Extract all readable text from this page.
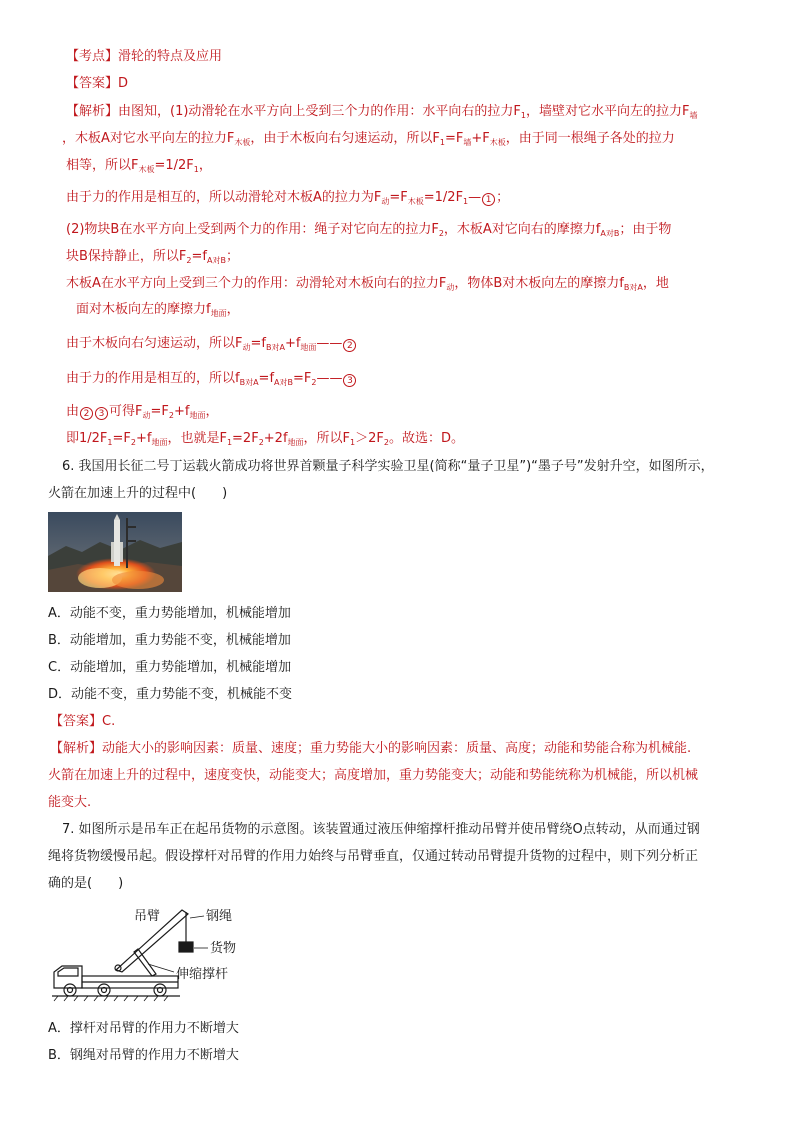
【考点】滑轮的特点及应用
【答案】D
【解析】由图知，(1)动滑轮在水平方向上受到三个力的作用：水平向右的拉力$F_1$，墙壁对它水平向左的拉力$F_墙$
，木板A对它水平向左的拉力$F_{木板}$，由于木板向右匀速运动，所以$F_1=F_墙+F_{木板}$，由于同一根绳子各处的拉力
相等，所以$F_{木板}=1/2F_1$，
由于力的作用是相互的，所以动滑轮对木板A的拉力为$F_动=F_{木板}=1/2F_1—$ 1 ；
(2)物块B在水平方向上受到两个力的作用：绳子对它向左的拉力$F_2$，木板A对它向右的摩擦力$f_{A对B}$；由于物
块B保持静止，所以$F_2=f_{A对B}$；
木板A在水平方向上受到三个力的作用：动滑轮对木板向右的拉力$F_动$，物体B对木板向左的摩擦力$f_{B对A}$，地
面对木板向左的摩擦力$f_{地面}$，
由于木板向右匀速运动，所以$F_动=f_{B对A}+f_{地面}——$ 2
由于力的作用是相互的，所以$f_{B对A}=f_{A对B}=F_2——$ 3
由 2 3 可得$F_动=F_2+f_{地面}$，
即$1/2F_1=F_2+f_{地面}$，也就是$F_1=2F_2+2f_{地面}$，所以$F_1>2F_2$。故选：D。
6. 我国用长征二号丁运载火箭成功将世界首颗量子科学实验卫星(简称“量子卫星”)“墨子号”发射升空，如图所示，
火箭在加速上升的过程中(　　)
A．动能不变，重力势能增加，机械能增加
B．动能增加，重力势能不变，机械能增加
C．动能增加，重力势能增加，机械能增加
D．动能不变，重力势能不变，机械能不变
【答案】C.
【解析】动能大小的影响因素：质量、速度；重力势能大小的影响因素：质量、高度；动能和势能合称为机械能.
火箭在加速上升的过程中，速度变快，动能变大；高度增加，重力势能变大；动能和势能统称为机械能，所以机械
能变大.
7. 如图所示是吊车正在起吊货物的示意图。该装置通过液压伸缩撑杆推动吊臂并使吊臂绕O点转动，从而通过钢
绳将货物缓慢吊起。假设撑杆对吊臂的作用力始终与吊臂垂直，仅通过转动吊臂提升货物的过程中，则下列分析正
确的是(　　)
吊臂	钢绳
货物
伸缩撑杆
A．撑杆对吊臂的作用力不断增大
B．钢绳对吊臂的作用力不断增大
